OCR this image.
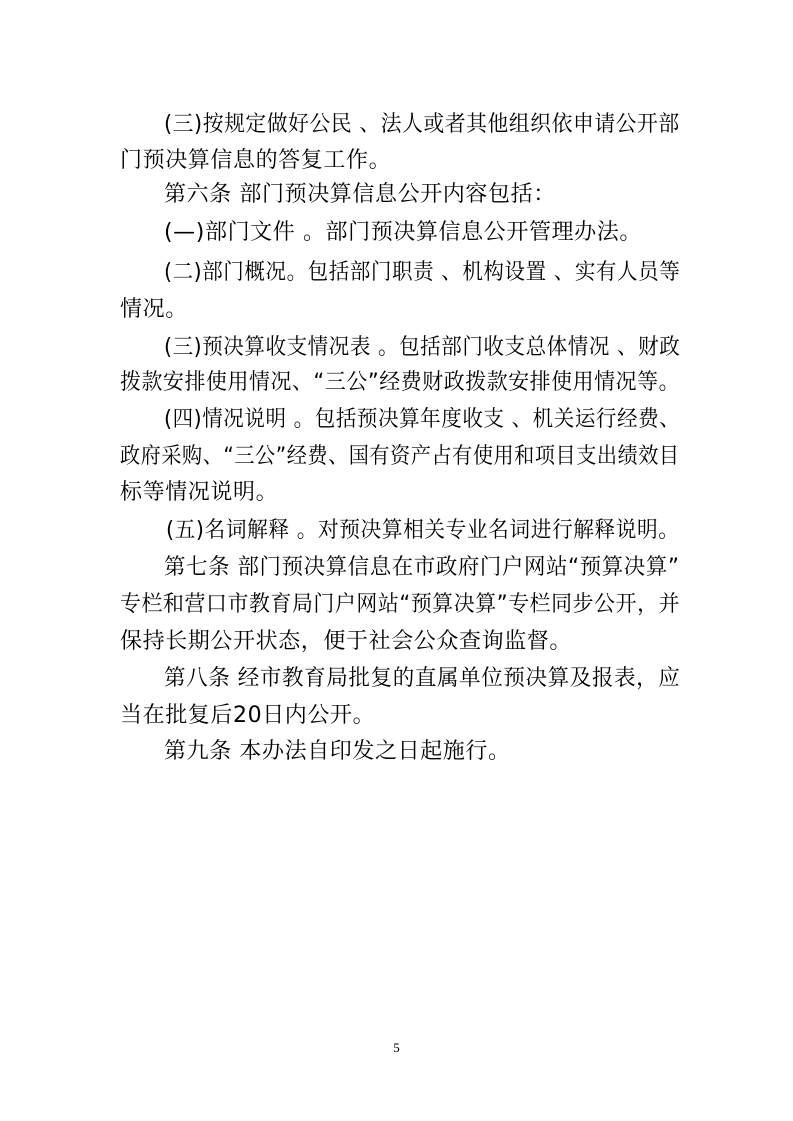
(三)按规定做好公民 、法人或者其他组织依申请公开部
门预决算信息的答复工作。
第六条 部门预决算信息公开内容包括：
(—)部门文件 。部门预决算信息公开管理办法。
(二)部门概况。包括部门职责 、机构设置 、实有人员等
情况。
(三)预决算收支情况表 。包括部门收支总体情况 、财政
拨款安排使用情况、“三公”经费财政拨款安排使用情况等。
(四)情况说明 。包括预决算年度收支 、机关运行经费、
政府采购、“三公”经费、国有资产占有使用和项目支出绩效目
标等情况说明。
(五)名词解释 。对预决算相关专业名词进行解释说明。
第七条 部门预决算信息在市政府门户网站“预算决算”
专栏和营口市教育局门户网站“预算决算”专栏同步公开，并
保持长期公开状态，便于社会公众查询监督。
第八条 经市教育局批复的直属单位预决算及报表，应
当在批复后20日内公开。
第九条 本办法自印发之日起施行。
5
